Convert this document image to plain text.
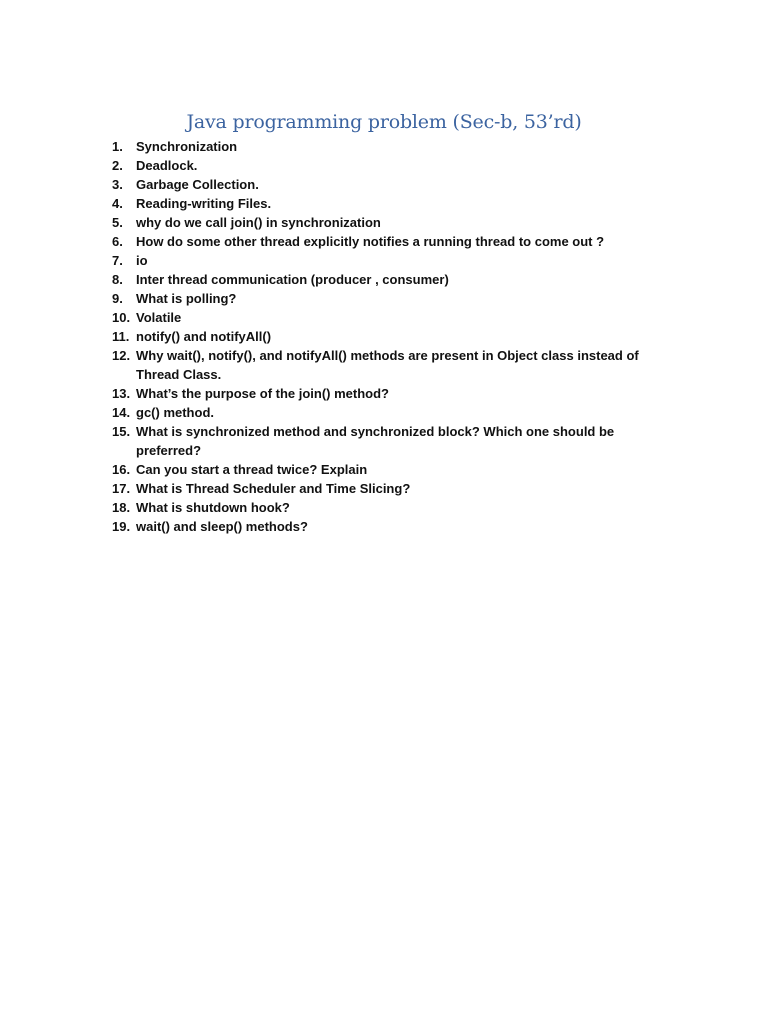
Java programming problem (Sec-b, 53’rd)
1.	Synchronization
2.	Deadlock.
3.	Garbage Collection.
4.	Reading-writing Files.
5.	why do we call join() in synchronization
6.	How do some other thread explicitly notifies a running thread to come out ?
7.	io
8.	Inter thread communication (producer , consumer)
9.	What is polling?
10. Volatile
11. notify() and notifyAll()
12. Why wait(), notify(), and notifyAll() methods are present in Object class instead of Thread Class.
13. What’s the purpose of the join() method?
14. gc() method.
15. What is synchronized method and synchronized block? Which one should be preferred?
16. Can you start a thread twice? Explain
17. What is Thread Scheduler and Time Slicing?
18. What is shutdown hook?
19. wait() and sleep() methods?
